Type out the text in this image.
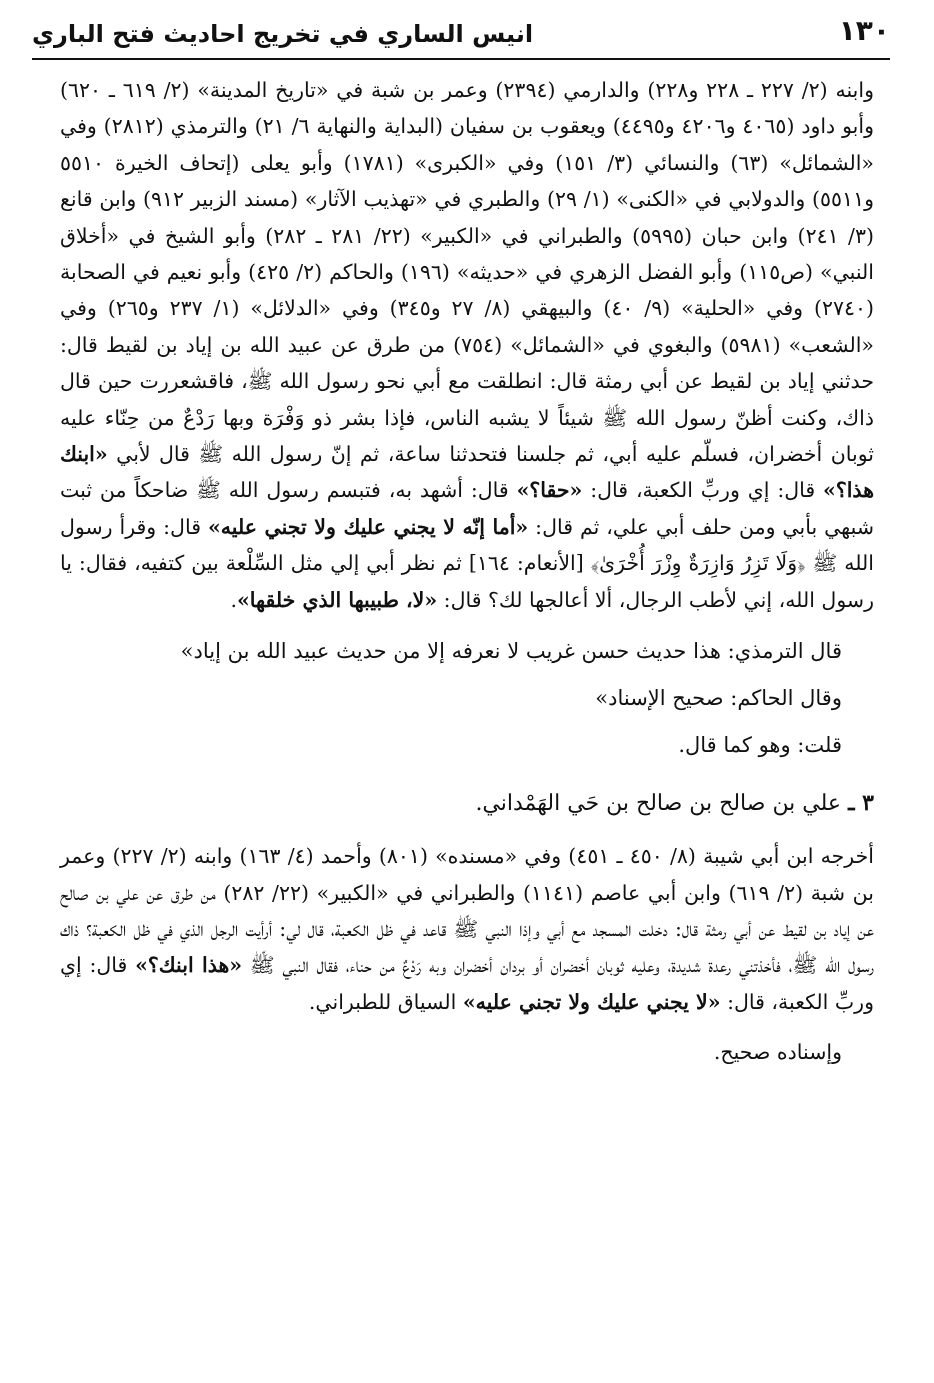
١٣٠
انيس الساري في تخريج احاديث فتح الباري

وابنه (٢/ ٢٢٧ ـ ٢٢٨ و٢٢٨) والدارمي (٢٣٩٤) وعمر بن شبة في «تاريخ المدينة» (٢/ ٦١٩ ـ ٦٢٠) وأبو داود (٤٠٦٥ و٤٢٠٦ و٤٤٩٥) ويعقوب بن سفيان (البداية والنهاية ٦/ ٢١) والترمذي (٢٨١٢) وفي «الشمائل» (٦٣) والنسائي (٣/ ١٥١) وفي «الكبرى» (١٧٨١) وأبو يعلى (إتحاف الخيرة ٥٥١٠ و٥٥١١) والدولابي في «الكنى» (١/ ٢٩) والطبري في «تهذيب الآثار» (مسند الزبير ٩١٢) وابن قانع (٣/ ٢٤١) وابن حبان (٥٩٩٥) والطبراني في «الكبير» (٢٢/ ٢٨١ ـ ٢٨٢) وأبو الشيخ في «أخلاق النبي» (ص١١٥) وأبو الفضل الزهري في «حديثه» (١٩٦) والحاكم (٢/ ٤٢٥) وأبو نعيم في الصحابة (٢٧٤٠) وفي «الحلية» (٩/ ٤٠) والبيهقي (٨/ ٢٧ و٣٤٥) وفي «الدلائل» (١/ ٢٣٧ و٢٦٥) وفي «الشعب» (٥٩٨١) والبغوي في «الشمائل» (٧٥٤) من طرق عن عبيد الله بن إياد بن لقيط قال: حدثني إياد بن لقيط عن أبي رمثة قال: انطلقت مع أبي نحو رسول الله ﷺ، فاقشعررت حين قال ذاك، وكنت أظنّ رسول الله ﷺ شيئاً لا يشبه الناس، فإذا بشر ذو وَفْرَة وبها رَدْعٌ من حِنّاء عليه ثوبان أخضران، فسلّم عليه أبي، ثم جلسنا فتحدثنا ساعة، ثم إنّ رسول الله ﷺ قال لأبي «ابنك هذا؟» قال: إي وربِّ الكعبة، قال: «حقا؟» قال: أشهد به، فتبسم رسول الله ﷺ ضاحكاً من ثبت شبهي بأبي ومن حلف أبي علي، ثم قال: «أما إنّه لا يجني عليك ولا تجني عليه» قال: وقرأ رسول الله ﷺ ﴿وَلَا تَزِرُ وَازِرَةٌ وِزْرَ أُخْرَىٰ﴾ [الأنعام: ١٦٤] ثم نظر أبي إلي مثل السِّلْعة بين كتفيه، فقال: يا رسول الله، إني لأطب الرجال، ألا أعالجها لك؟ قال: «لا، طبيبها الذي خلقها».

قال الترمذي: هذا حديث حسن غريب لا نعرفه إلا من حديث عبيد الله بن إياد»

وقال الحاكم: صحيح الإسناد»

قلت: وهو كما قال.

٣ ـ علي بن صالح بن صالح بن حَي الهَمْداني.

أخرجه ابن أبي شيبة (٨/ ٤٥٠ ـ ٤٥١) وفي «مسنده» (٨٠١) وأحمد (٤/ ١٦٣) وابنه (٢/ ٢٢٧) وعمر بن شبة (٢/ ٦١٩) وابن أبي عاصم (١١٤١) والطبراني في «الكبير» (٢٢/ ٢٨٢) من طرق عن علي بن صالح عن إياد بن لقيط عن أبي رمثة قال: دخلت المسجد مع أبي وإذا النبي ﷺ قاعد في ظل الكعبة، قال لي: أرأيت الرجل الذي في ظل الكعبة؟ ذاك رسول الله ﷺ، فأخذتني رعدة شديدة، وعليه ثوبان أخضران أو بردان أخضران وبه رَدْعٌ من حناء، فقال النبي ﷺ «هذا ابنك؟» قال: إي وربِّ الكعبة، قال: «لا يجني عليك ولا تجني عليه» السياق للطبراني.

وإسناده صحيح.
